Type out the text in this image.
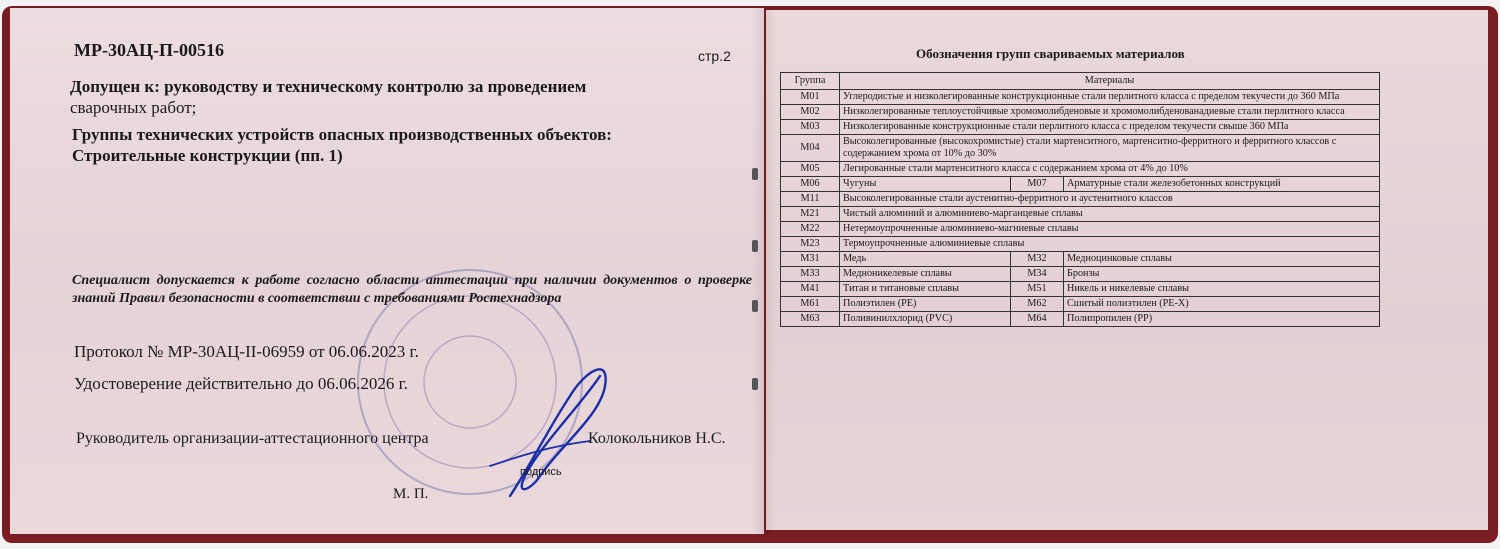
МР-30АЦ-П-00516	стр.2
Допущен к: руководству и техническому контролю за проведением
сварочных работ;
Группы технических устройств опасных производственных объектов:
Строительные конструкции (пп. 1)
Специалист допускается к работе согласно области аттестации при наличии документов о проверке знаний Правил безопасности в соответствии с требованиями Ростехнадзора
Протокол № МР-30АЦ-II-06959 от 06.06.2023 г.
Удостоверение действительно до 06.06.2026 г.
Руководитель организации-аттестационного центра	Колокольников Н.С.
подпись
М. П.
Обозначения групп свариваемых материалов
Группа	Материалы		
М01	Углеродистые и низколегированные конструкционные стали перлитного класса с пределом текучести до 360 МПа		
М02	Низколегированные теплоустойчивые хромомолибденовые и хромомолибденованадиевые стали перлитного класса		
М03	Низколегированные конструкционные стали перлитного класса с пределом текучести свыше 360 МПа		
М04	Высоколегированные (высокохромистые) стали мартенситного, мартенситно-ферритного и ферритного классов с содержанием хрома от 10% до 30%		
М05	Легированные стали мартенситного класса с содержанием хрома от 4% до 10%		
М06	Чугуны	М07	Арматурные стали железобетонных конструкций
М11	Высоколегированные стали аустенитно-ферритного и аустенитного классов		
М21	Чистый алюминий и алюминиево-марганцевые сплавы		
М22	Нетермоупрочненные алюминиево-магниевые сплавы		
М23	Термоупрочненные алюминиевые сплавы		
М31	Медь	М32	Медноцинковые сплавы
М33	Медноникелевые сплавы	М34	Бронзы
М41	Титан и титановые сплавы	М51	Никель и никелевые сплавы
М61	Полиэтилен (PE)	М62	Сшитый полиэтилен (PE-X)
М63	Поливинилхлорид (PVC)	М64	Полипропилен (PP)
